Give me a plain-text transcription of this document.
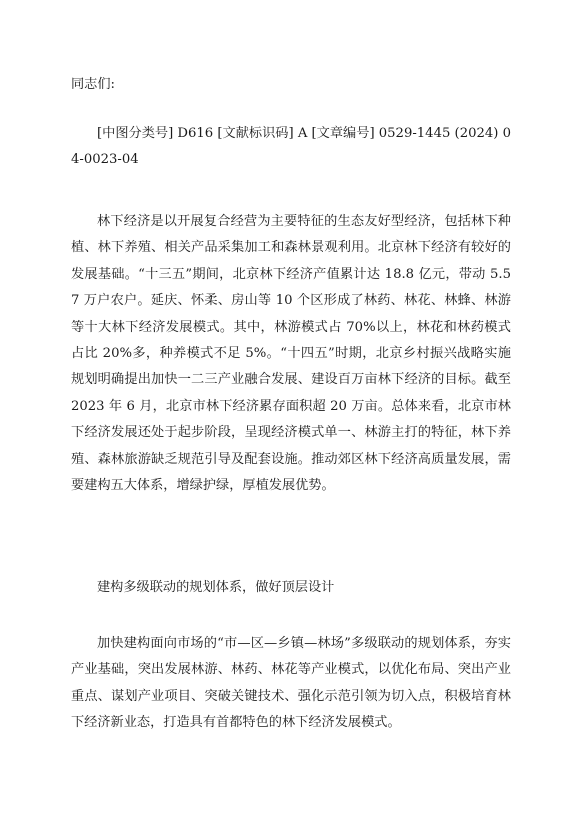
同志们:

[中图分类号] D616 [文献标识码] A [文章编号] 0529-1445 (2024) 04-0023-04

林下经济是以开展复合经营为主要特征的生态友好型经济，包括林下种植、林下养殖、相关产品采集加工和森林景观利用。北京林下经济有较好的发展基础。“十三五”期间，北京林下经济产值累计达 18.8 亿元，带动 5.57 万户农户。延庆、怀柔、房山等 10 个区形成了林药、林花、林蜂、林游等十大林下经济发展模式。其中，林游模式占 70%以上，林花和林药模式占比 20%多，种养模式不足 5%。“十四五”时期，北京乡村振兴战略实施规划明确提出加快一二三产业融合发展、建设百万亩林下经济的目标。截至 2023 年 6 月，北京市林下经济累存面积超 20 万亩。总体来看，北京市林下经济发展还处于起步阶段，呈现经济模式单一、林游主打的特征，林下养殖、森林旅游缺乏规范引导及配套设施。推动郊区林下经济高质量发展，需要建构五大体系，增绿护绿，厚植发展优势。

建构多级联动的规划体系，做好顶层设计

加快建构面向市场的“市—区—乡镇—林场”多级联动的规划体系，夯实产业基础，突出发展林游、林药、林花等产业模式，以优化布局、突出产业重点、谋划产业项目、突破关键技术、强化示范引领为切入点，积极培育林下经济新业态，打造具有首都特色的林下经济发展模式。
